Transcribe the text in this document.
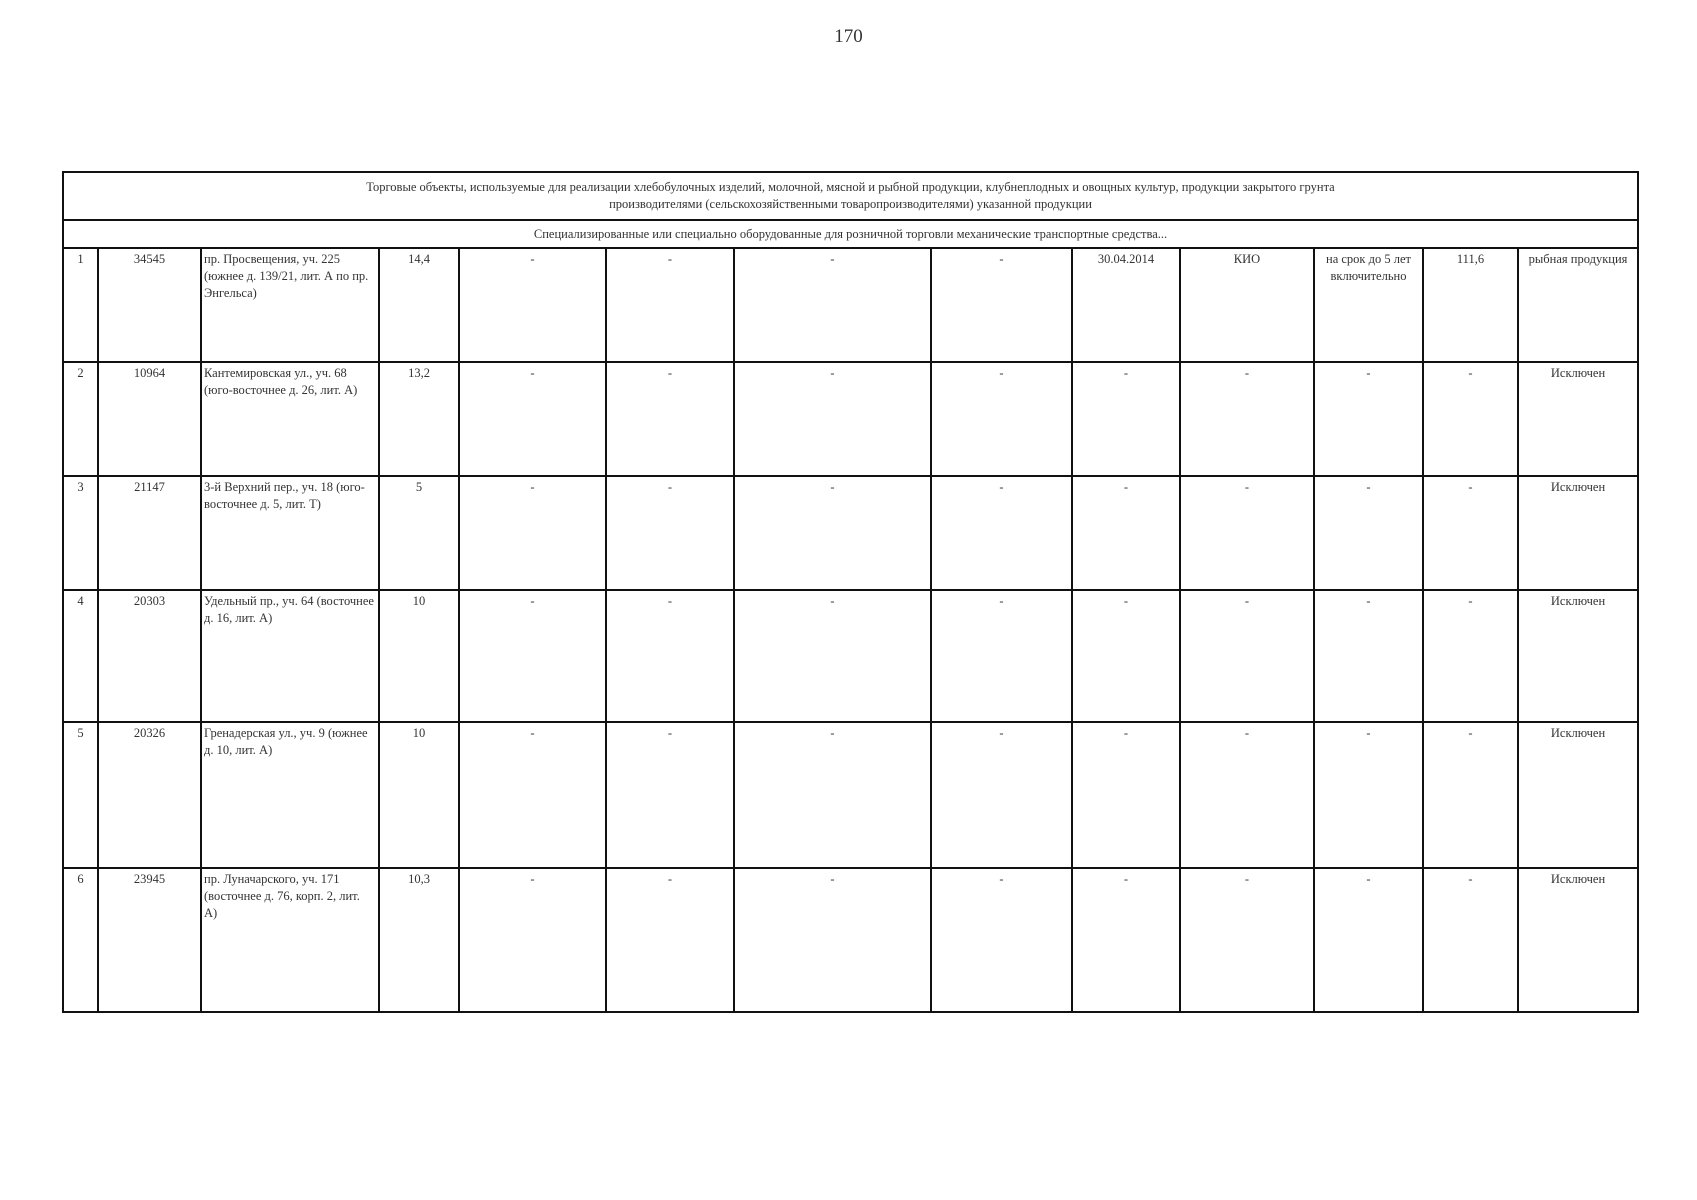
170
Торговые объекты, используемые для реализации хлебобулочных изделий, молочной, мясной и рыбной продукции, клубнеплодных и овощных культур, продукции закрытого грунта
производителями (сельскохозяйственными товаропроизводителями) указанной продукции												

Специализированные или специально оборудованные для розничной торговли механические транспортные средства...												
1	34545	пр. Просвещения, уч. 225 (южнее д. 139/21, лит. А по пр. Энгельса)	14,4	-	-	-	-	30.04.2014	КИО	на срок до 5 лет включительно	111,6	рыбная продукция
2	10964	Кантемировская ул., уч. 68 (юго-восточнее д. 26, лит. А)	13,2	-	-	-	-	-	-	-	-	Исключен
3	21147	3-й Верхний пер., уч. 18 (юго-восточнее д. 5, лит. Т)	5	-	-	-	-	-	-	-	-	Исключен
4	20303	Удельный пр., уч. 64 (восточнее д. 16, лит. А)	10	-	-	-	-	-	-	-	-	Исключен
5	20326	Гренадерская ул., уч. 9 (южнее д. 10, лит. А)	10	-	-	-	-	-	-	-	-	Исключен
6	23945	пр. Луначарского, уч. 171 (восточнее д. 76, корп. 2, лит. А)	10,3	-	-	-	-	-	-	-	-	Исключен
